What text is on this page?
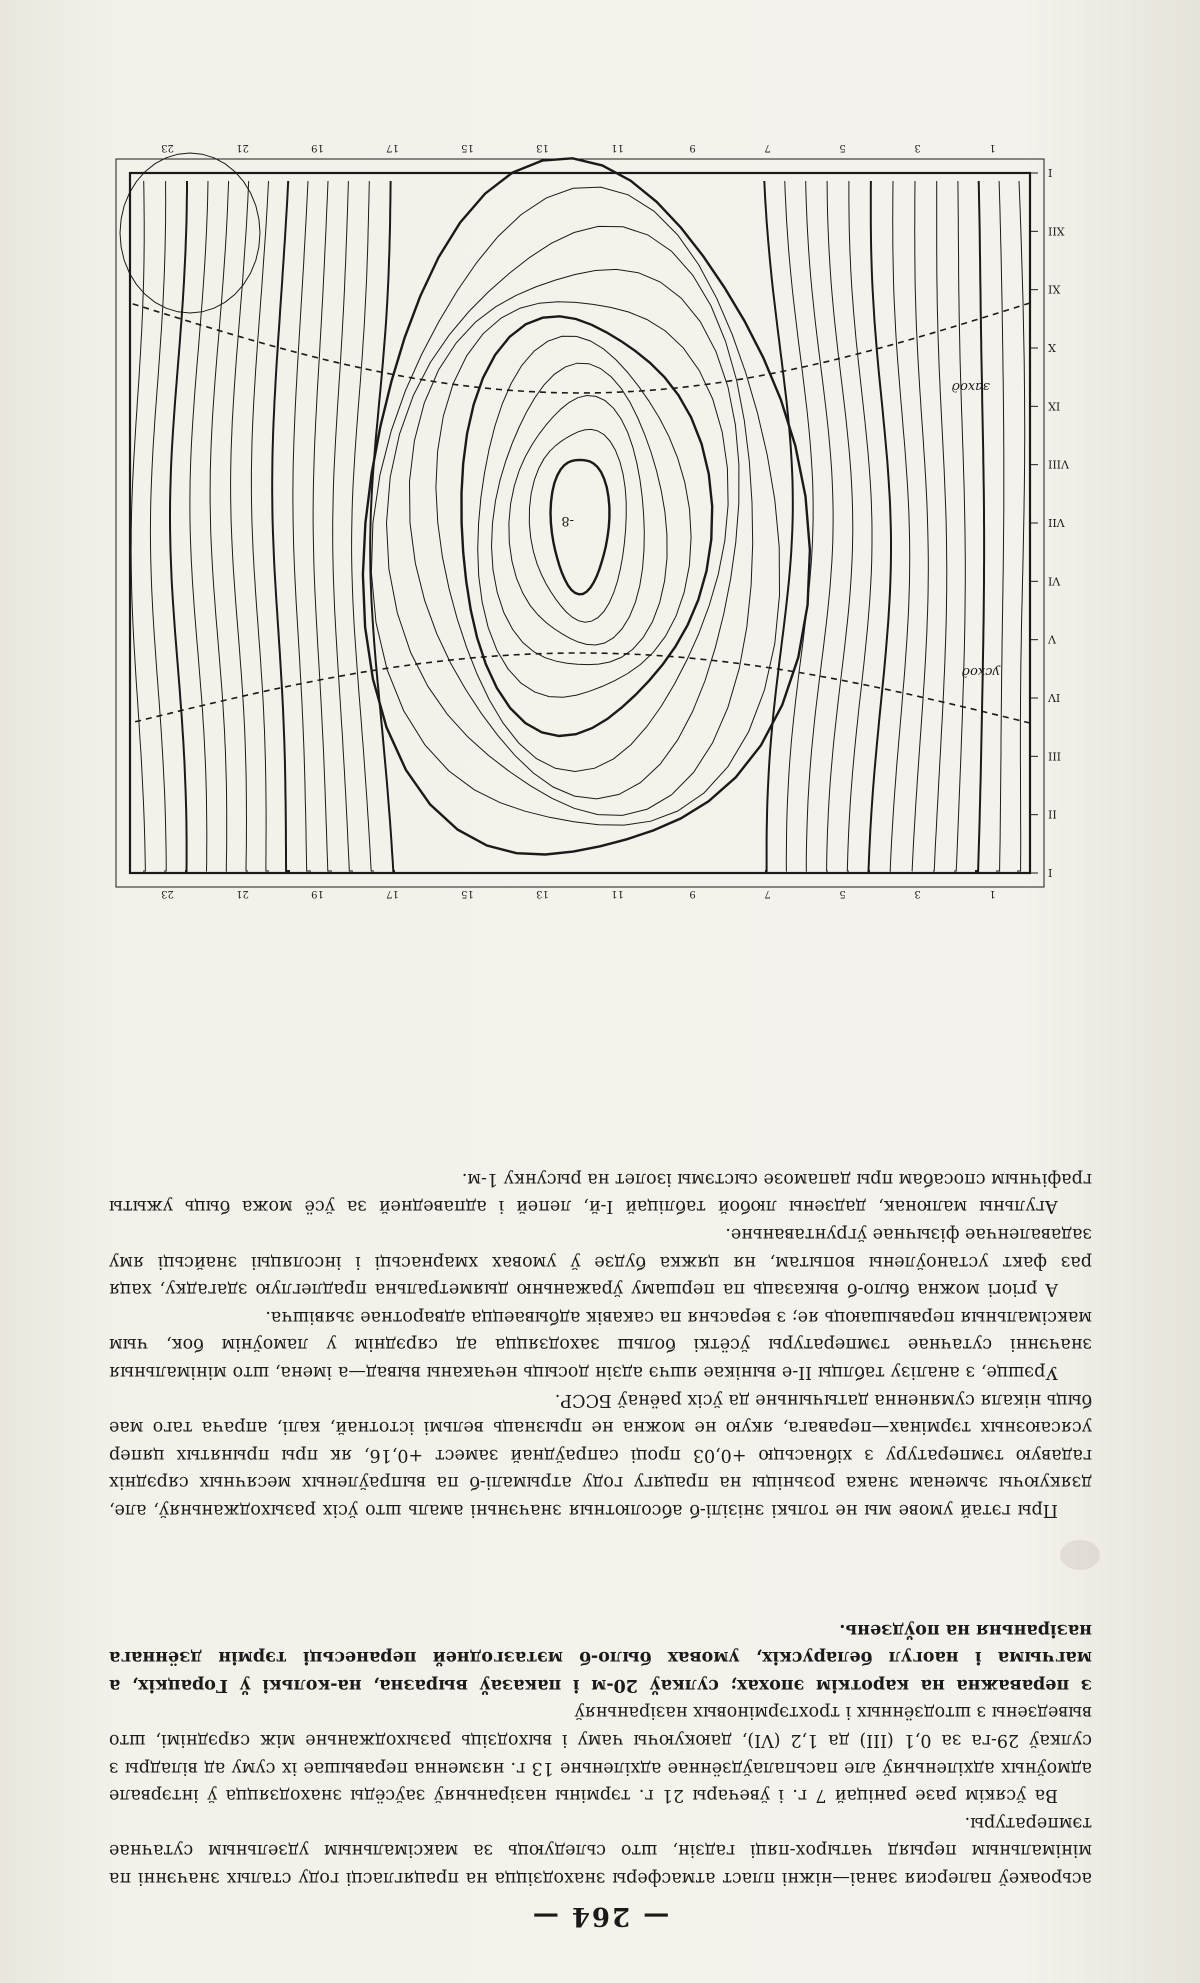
— 264 —

асьроакеў палерсия занаі—ніжні пласт атмасферы знаходзіцца на працягласці году сталых значэнні па мінімальным перыяд чатырох-пяці гадзін, што сьледуюць за максімальным удзельным сутачнае тэмпературы.

Ва ўсякім разе раніцай 7 г. і ўвечары 21 г. тэрміны назіраньняў заўсёды знаходзяцца ў інтэрвале адмоўных адхіленьняў але пасьпалаўдзённае адхіленьне 13 г. нязменна перавышае іх суму ад віладры з сулкаў 29-га за 0,1 (III) да 1,2 (VI), даюкуючы чаму і выходзіць разыходжаньне між сярэднімі, што выведзены з штодзённых і трохтэрміновых назіраньняў

з пераважна на кароткім эпохах; сулкаў 20-м і паказаў выразна, на-колькі ў Горацкіх, а магчыма і наогул беларускіх, умовах было-б мэтазгодней перанесьці тэрмін дзённага назіраньня на поўдзень.

Пры гэтай умове мы не толькі знізілі-б абсолютныя значэньні амаль што ўсіх разыходжаньняў, але, дзякуючы зьменам знака розьніцы на працягу году атрымалі-б па выпраўленых месячных сярэдніх гадавую тэмпературу з хібнасьцю +0,03 проці сапраўднай замест +0,16, як пры прынятых цяпер усясаюзных тэрмінах—перавага, якую не можна не прызнаць вельмі істотнай, калі, апрача таго мае быць нікаля сумяненна датычыньне да ўсіх раёнаў БССР.

Урэшце, з аналізу таблцы II-е вынікае яшчэ адзін досыць нечаканы вывад—а імена, што мінімальныя значэнні сутачнае тэмпературы ўсёткі больш заходзяцца ад сярэднім у ламоўнім бок, чым максімальныя перавышаюць яе; з верасьня па сакавік адбываецца адваротнае зьявішча.

A priori можна было-б выказаць па першаму ўражаньню дыяметральна прадлеглую здагадку, хаця раз факт устаноўлены вопытам, ня цяжка будзе ў умовах хмарнасьці і інсоляцыі знайсьці яму задаваленчае фізычнае ўгрунтаваньне.

Агульны малюнак, дадзены любой табліцай I-й, лепей і адпаведней за ўсё можа быць ужыты графічным спосабам пры дапамозе сыстэмы ізолет на рысунку 1-м.

I
II
III
IV
V
VI
VII
VIII
IX
X
XI
XII
I
1
1
3
3
5
5
7
7
9
9
11
11
13
13
15
15
17
17
19
19
21
21
23
23
усход
заход
-8
